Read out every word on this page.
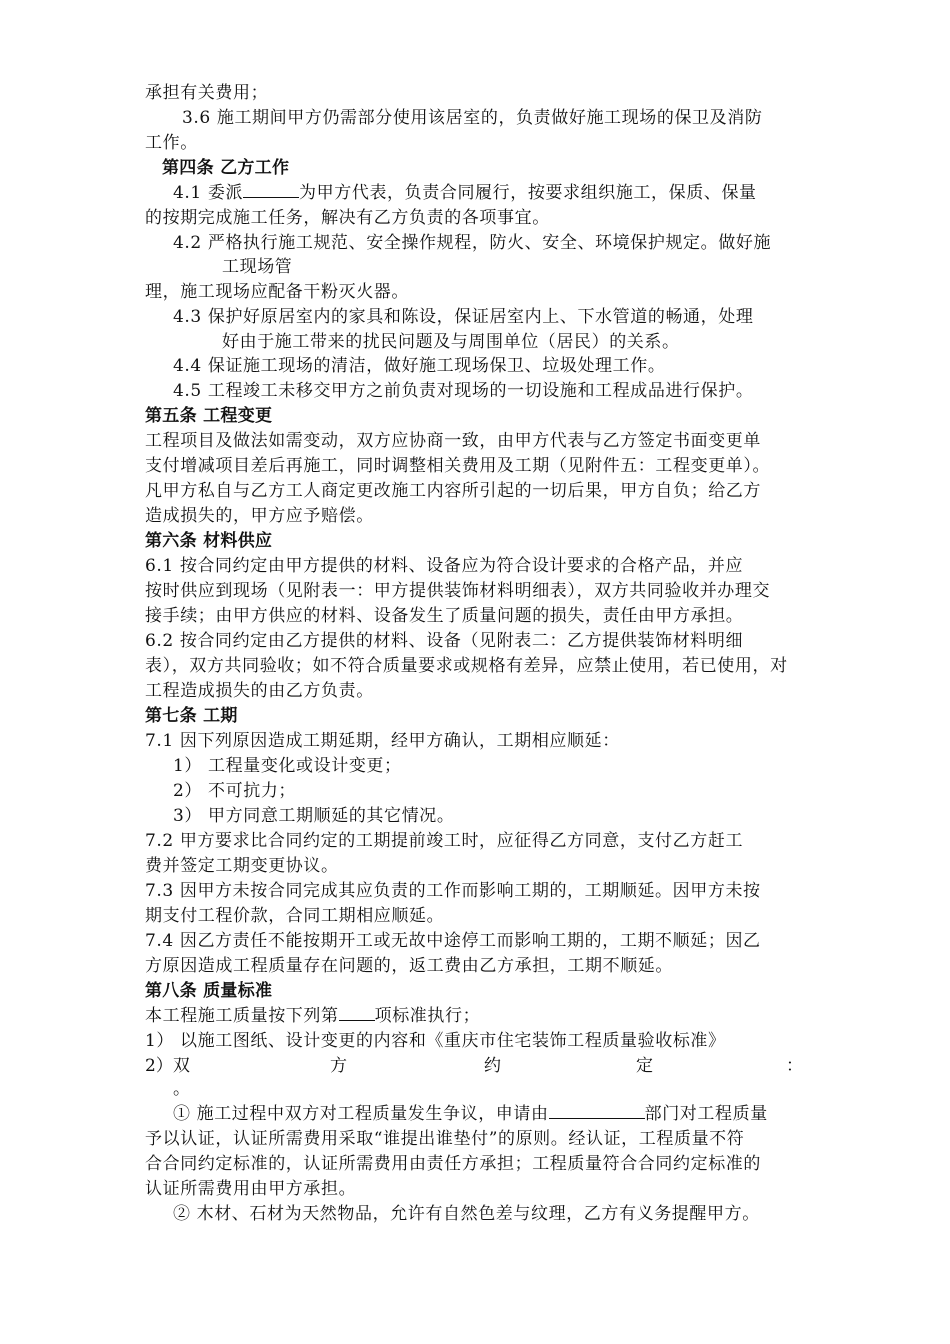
承担有关费用；
3.6 施工期间甲方仍需部分使用该居室的，负责做好施工现场的保卫及消防
工作。
第四条 乙方工作
4.1 委派	为甲方代表，负责合同履行，按要求组织施工，保质、保量
的按期完成施工任务，解决有乙方负责的各项事宜。
4.2 严格执行施工规范、安全操作规程，防火、安全、环境保护规定。做好施
工现场管
理，施工现场应配备干粉灭火器。
4.3 保护好原居室内的家具和陈设，保证居室内上、下水管道的畅通，处理
好由于施工带来的扰民问题及与周围单位（居民）的关系。
4.4 保证施工现场的清洁，做好施工现场保卫、垃圾处理工作。
4.5 工程竣工未移交甲方之前负责对现场的一切设施和工程成品进行保护。
第五条 工程变更
工程项目及做法如需变动，双方应协商一致，由甲方代表与乙方签定书面变更单
支付增减项目差后再施工，同时调整相关费用及工期（见附件五：工程变更单）。
凡甲方私自与乙方工人商定更改施工内容所引起的一切后果，甲方自负；给乙方
造成损失的，甲方应予赔偿。
第六条 材料供应
6.1 按合同约定由甲方提供的材料、设备应为符合设计要求的合格产品，并应
按时供应到现场（见附表一：甲方提供装饰材料明细表），双方共同验收并办理交
接手续；由甲方供应的材料、设备发生了质量问题的损失，责任由甲方承担。
6.2 按合同约定由乙方提供的材料、设备（见附表二：乙方提供装饰材料明细
表），双方共同验收；如不符合质量要求或规格有差异，应禁止使用，若已使用，对
工程造成损失的由乙方负责。
第七条 工期
7.1 因下列原因造成工期延期，经甲方确认，工期相应顺延：
1） 工程量变化或设计变更；
2） 不可抗力；
3） 甲方同意工期顺延的其它情况。
7.2 甲方要求比合同约定的工期提前竣工时，应征得乙方同意，支付乙方赶工
费并签定工期变更协议。
7.3 因甲方未按合同完成其应负责的工作而影响工期的，工期顺延。因甲方未按
期支付工程价款，合同工期相应顺延。
7.4 因乙方责任不能按期开工或无故中途停工而影响工期的，工期不顺延；因乙
方原因造成工程质量存在问题的，返工费由乙方承担，工期不顺延。
第八条 质量标准
本工程施工质量按下列第 项标准执行；
1） 以施工图纸、设计变更的内容和《重庆市住宅装饰工程质量验收标准》
2）双	方	约	定	：
。
① 施工过程中双方对工程质量发生争议，申请由	部门对工程质量
予以认证，认证所需费用采取“谁提出谁垫付”的原则。经认证，工程质量不符
合合同约定标准的，认证所需费用由责任方承担；工程质量符合合同约定标准的
认证所需费用由甲方承担。
② 木材、石材为天然物品，允许有自然色差与纹理，乙方有义务提醒甲方。
